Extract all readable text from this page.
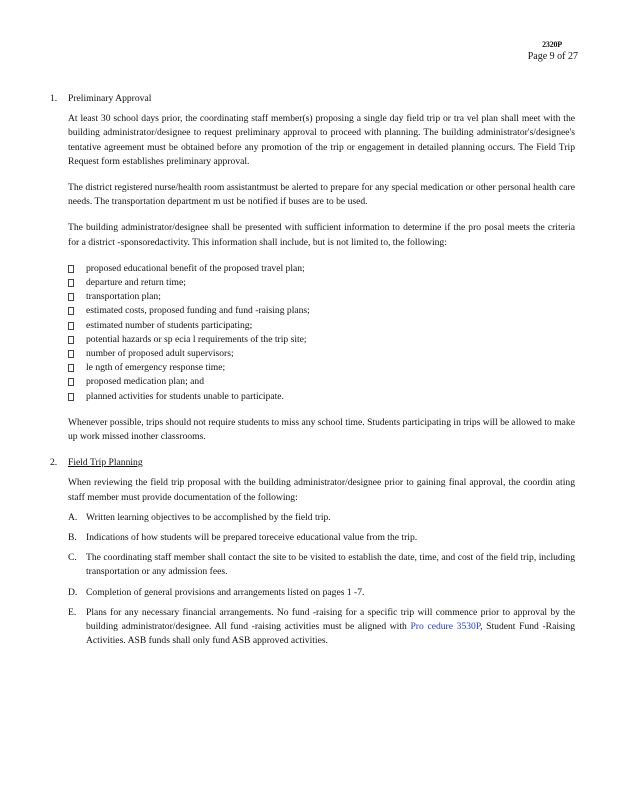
2320P
Page 9 of 27
1.	Preliminary Approval

At least 30 school days prior, the coordinating staff member(s) proposing a single day field trip or tra vel plan shall meet with the building administrator/designee to request preliminary approval to proceed with planning. The building administrator's/designee's tentative agreement must be obtained before any promotion of the trip or engagement in detailed planning occurs. The Field Trip Request form establishes preliminary approval.

The district registered nurse/health room assistantmust be alerted to prepare for any special medication or other personal health care needs. The transportation department m ust be notified if buses are to be used.

The building administrator/designee shall be presented with sufficient information to determine if the pro posal meets the criteria for a district -sponsoredactivity. This information shall include, but is not limited to, the following:

proposed educational benefit of the proposed travel plan;
departure and return time;
transportation plan;
estimated costs, proposed funding and fund -raising plans;
estimated number of students participating;
potential hazards or sp ecia l requirements of the trip site;
number of proposed adult supervisors;
le ngth of emergency response time;
proposed medication plan; and
planned activities for students unable to participate.

Whenever possible, trips should not require students to miss any school time. Students participating in trips will be allowed to make up work missed inother classrooms.

2.	Field Trip Planning

When reviewing the field trip proposal with the building administrator/designee prior to gaining final approval, the coordin ating staff member must provide documentation of the following:

A. Written learning objectives to be accomplished by the field trip.
B. Indications of how students will be prepared toreceive educational value from the trip.
C. The coordinating staff member shall contact the site to be visited to establish the date, time, and cost of the field trip, including transportation or any admission fees.
D. Completion of general provisions and arrangements listed on pages 1 -7.
E. Plans for any necessary financial arrangements. No fund -raising for a specific trip will commence prior to approval by the building administrator/designee. All fund -raising activities must be aligned with Pro cedure 3530P, Student Fund -Raising Activities. ASB funds shall only fund ASB approved activities.
